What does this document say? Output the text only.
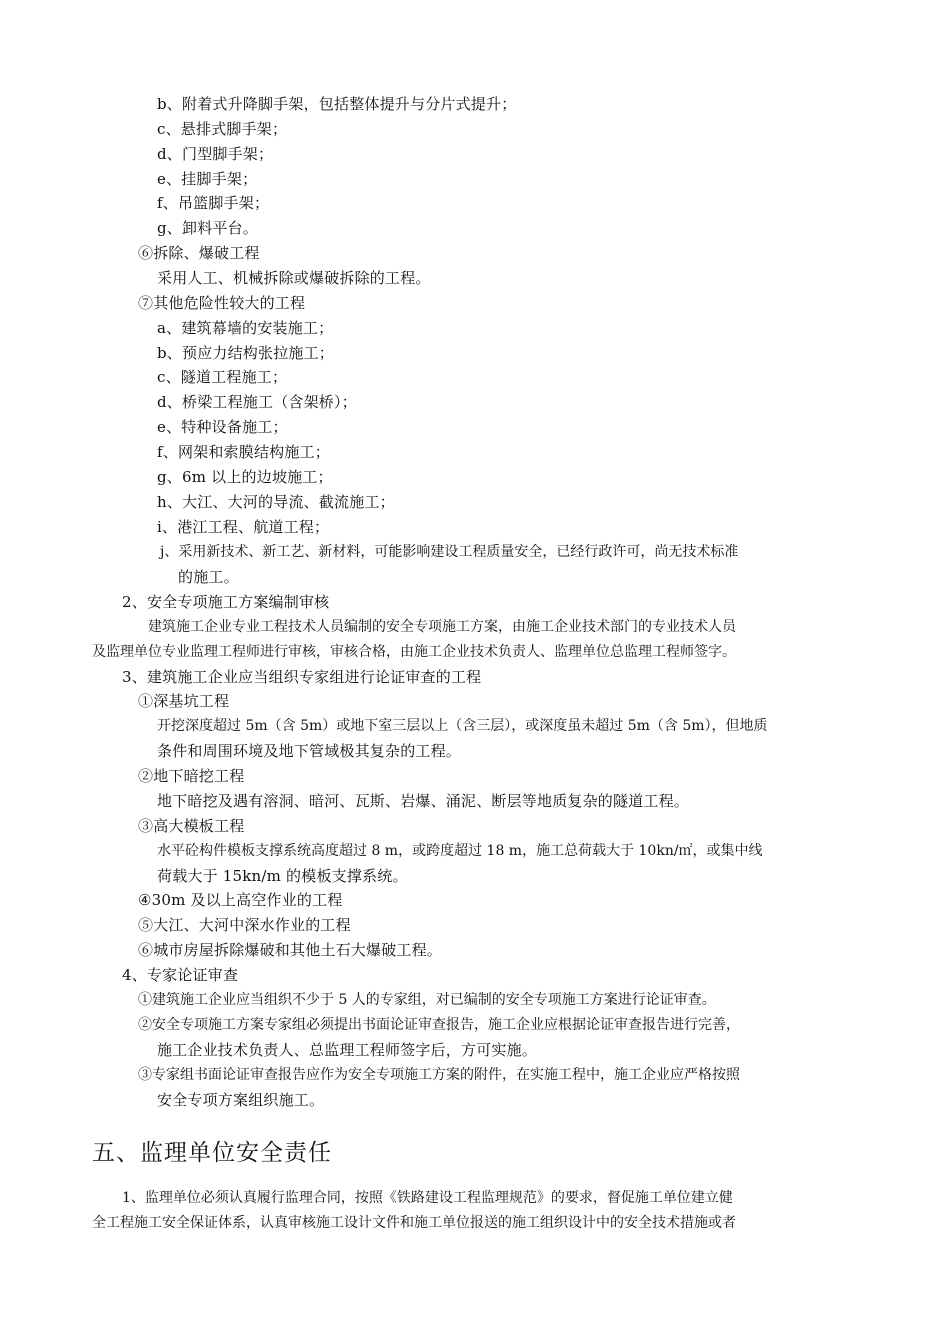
b、附着式升降脚手架，包括整体提升与分片式提升；
c、悬排式脚手架；
d、门型脚手架；
e、挂脚手架；
f、吊篮脚手架；
g、卸料平台。
⑥拆除、爆破工程
采用人工、机械拆除或爆破拆除的工程。
⑦其他危险性较大的工程
a、建筑幕墙的安装施工；
b、预应力结构张拉施工；
c、隧道工程施工；
d、桥梁工程施工（含架桥）；
e、特种设备施工；
f、网架和索膜结构施工；
g、6m 以上的边坡施工；
h、大江、大河的导流、截流施工；
i、港江工程、航道工程；
j、采用新技术、新工艺、新材料，可能影响建设工程质量安全，已经行政许可，尚无技术标准
的施工。
2、安全专项施工方案编制审核
建筑施工企业专业工程技术人员编制的安全专项施工方案，由施工企业技术部门的专业技术人员
及监理单位专业监理工程师进行审核，审核合格，由施工企业技术负责人、监理单位总监理工程师签字。
3、建筑施工企业应当组织专家组进行论证审查的工程
①深基坑工程
开挖深度超过 5m（含 5m）或地下室三层以上（含三层），或深度虽未超过 5m（含 5m），但地质
条件和周围环境及地下管域极其复杂的工程。
②地下暗挖工程
地下暗挖及遇有溶洞、暗河、瓦斯、岩爆、涌泥、断层等地质复杂的隧道工程。
③高大模板工程
水平砼构件模板支撑系统高度超过 8 m，或跨度超过 18 m，施工总荷载大于 10kn/㎡，或集中线
荷载大于 15kn/m 的模板支撑系统。
④30m 及以上高空作业的工程
⑤大江、大河中深水作业的工程
⑥城市房屋拆除爆破和其他土石大爆破工程。
4、专家论证审查
①建筑施工企业应当组织不少于 5 人的专家组，对已编制的安全专项施工方案进行论证审查。
②安全专项施工方案专家组必须提出书面论证审查报告，施工企业应根据论证审查报告进行完善，
施工企业技术负责人、总监理工程师签字后，方可实施。
③专家组书面论证审查报告应作为安全专项施工方案的附件，在实施工程中，施工企业应严格按照
安全专项方案组织施工。
五、监理单位安全责任
1、监理单位必须认真履行监理合同，按照《铁路建设工程监理规范》的要求，督促施工单位建立健
全工程施工安全保证体系，认真审核施工设计文件和施工单位报送的施工组织设计中的安全技术措施或者
